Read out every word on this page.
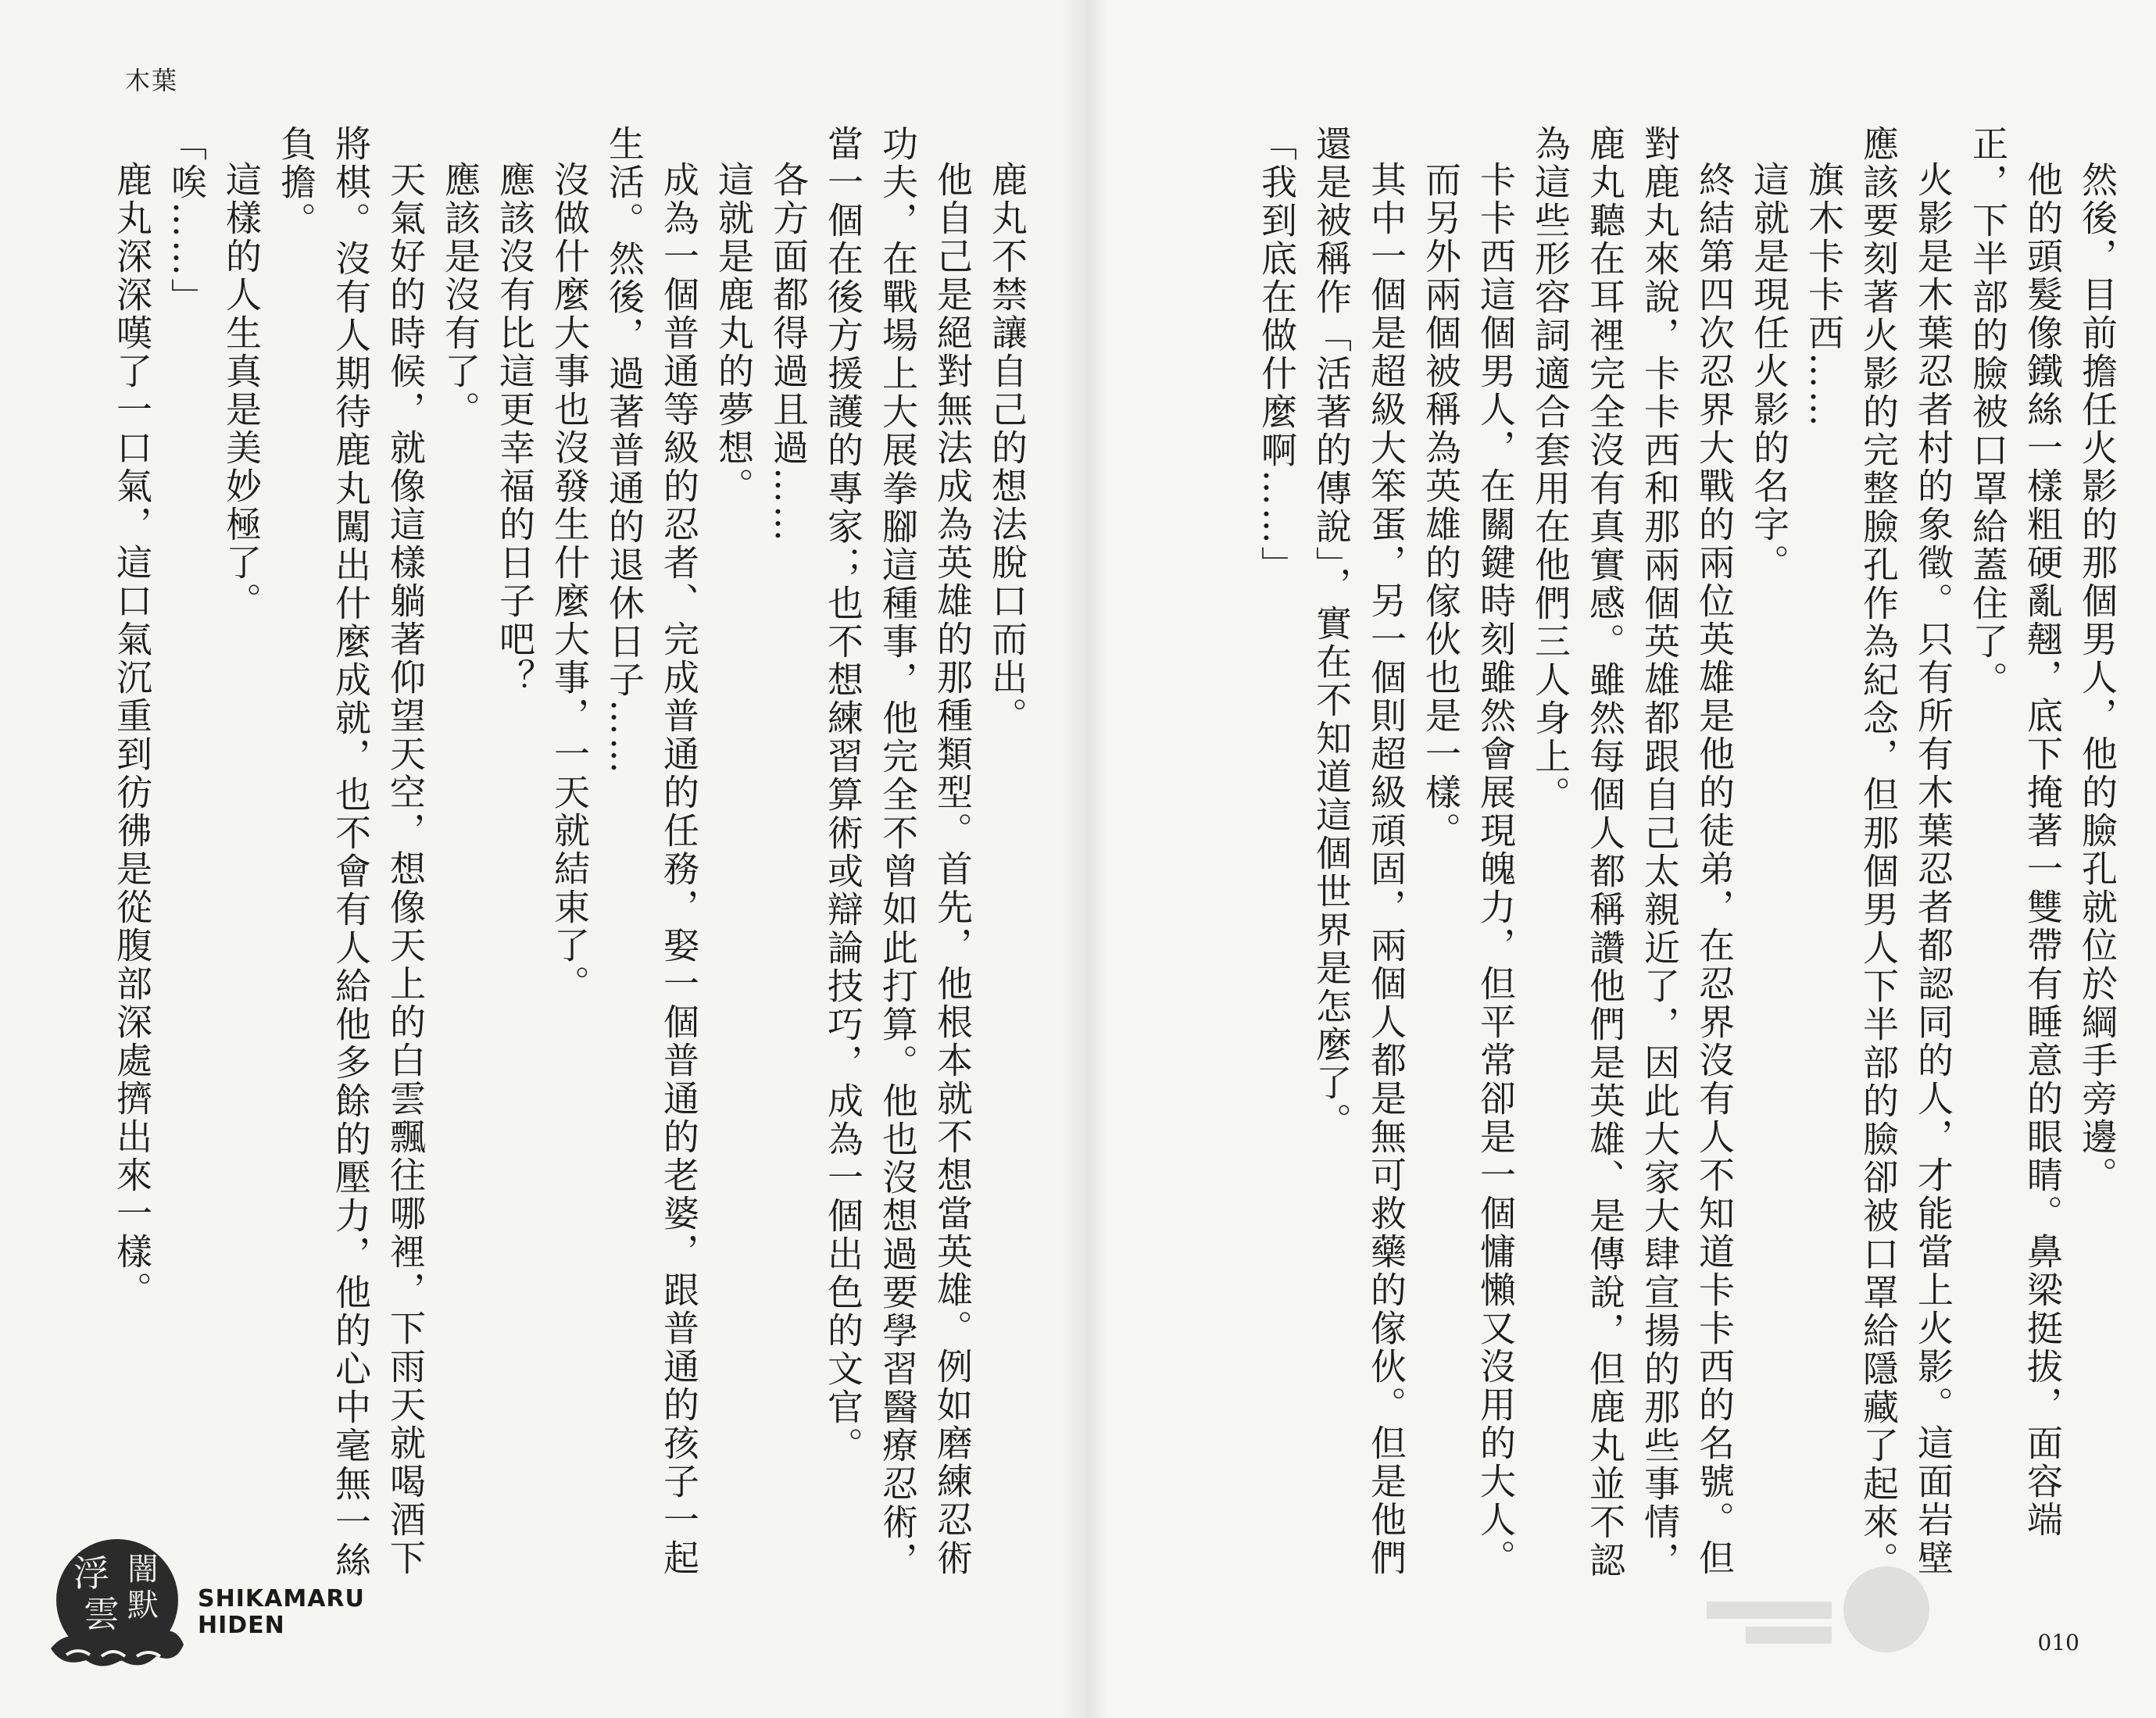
木葉

鹿丸不禁讓自己的想法脫口而出。

他自己是絕對無法成為英雄的那種類型。首先，他根本就不想當英雄。例如磨練忍術功夫，在戰場上大展拳腳這種事，他完全不曾如此打算。他也沒想過要學習醫療忍術，當一個在後方援護的專家；也不想練習算術或辯論技巧，成為一個出色的文官。

各方面都得過且過……

這就是鹿丸的夢想。

成為一個普通等級的忍者、完成普通的任務，娶一個普通的老婆，跟普通的孩子一起生活。然後，過著普通的退休日子……

沒做什麼大事也沒發生什麼大事，一天就結束了。

應該沒有比這更幸福的日子吧？

應該是沒有了。

天氣好的時候，就像這樣躺著仰望天空，想像天上的白雲飄往哪裡，下雨天就喝酒下將棋。沒有人期待鹿丸闖出什麼成就，也不會有人給他多餘的壓力，他的心中毫無一絲負擔。

這樣的人生真是美妙極了。

「唉……」

鹿丸深深嘆了一口氣，這口氣沉重到彷彿是從腹部深處擠出來一樣。

浮 闇
默
雲	SHIKAMARU
HIDEN

然後，目前擔任火影的那個男人，他的臉孔就位於綱手旁邊。

他的頭髮像鐵絲一樣粗硬亂翹，底下掩著一雙帶有睡意的眼睛。鼻梁挺拔，面容端正，下半部的臉被口罩給蓋住了。

火影是木葉忍者村的象徵。只有所有木葉忍者都認同的人，才能當上火影。這面岩壁應該要刻著火影的完整臉孔作為紀念，但那個男人下半部的臉卻被口罩給隱藏了起來。

旗木卡卡西……

這就是現任火影的名字。

終結第四次忍界大戰的兩位英雄是他的徒弟，在忍界沒有人不知道卡卡西的名號。但對鹿丸來說，卡卡西和那兩個英雄都跟自己太親近了，因此大家大肆宣揚的那些事情，鹿丸聽在耳裡完全沒有真實感。雖然每個人都稱讚他們是英雄、是傳說，但鹿丸並不認為這些形容詞適合套用在他們三人身上。

卡卡西這個男人，在關鍵時刻雖然會展現魄力，但平常卻是一個慵懶又沒用的大人。

而另外兩個被稱為英雄的傢伙也是一樣。

其中一個是超級大笨蛋，另一個則超級頑固，兩個人都是無可救藥的傢伙。但是他們還是被稱作「活著的傳說」，實在不知道這個世界是怎麼了。

「我到底在做什麼啊……」

010
